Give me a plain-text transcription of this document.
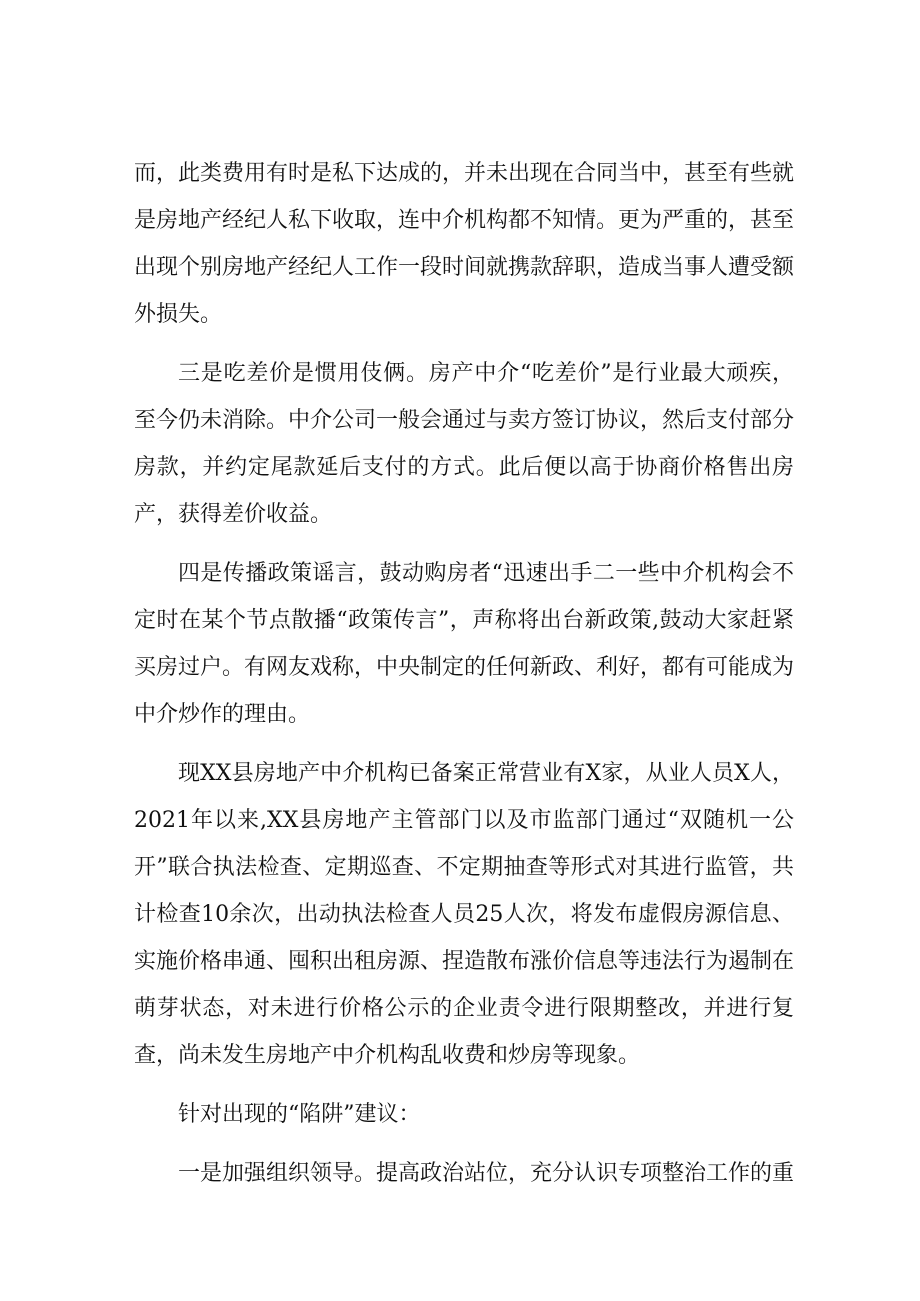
而，此类费用有时是私下达成的，并未出现在合同当中，甚至有些就是房地产经纪人私下收取，连中介机构都不知情。更为严重的，甚至出现个别房地产经纪人工作一段时间就携款辞职，造成当事人遭受额外损失。

三是吃差价是惯用伎俩。房产中介“吃差价”是行业最大顽疾，至今仍未消除。中介公司一般会通过与卖方签订协议，然后支付部分房款，并约定尾款延后支付的方式。此后便以高于协商价格售出房产，获得差价收益。

四是传播政策谣言，鼓动购房者“迅速出手二一些中介机构会不定时在某个节点散播“政策传言”，声称将出台新政策,鼓动大家赶紧买房过户。有网友戏称，中央制定的任何新政、利好，都有可能成为中介炒作的理由。

现XX县房地产中介机构已备案正常营业有X家，从业人员X人，2021年以来,XX县房地产主管部门以及市监部门通过“双随机一公开”联合执法检查、定期巡查、不定期抽查等形式对其进行监管，共计检查10余次，出动执法检查人员25人次，将发布虚假房源信息、实施价格串通、囤积出租房源、捏造散布涨价信息等违法行为遏制在萌芽状态，对未进行价格公示的企业责令进行限期整改，并进行复查，尚未发生房地产中介机构乱收费和炒房等现象。

针对出现的“陷阱”建议：

一是加强组织领导。提高政治站位，充分认识专项整治工作的重
